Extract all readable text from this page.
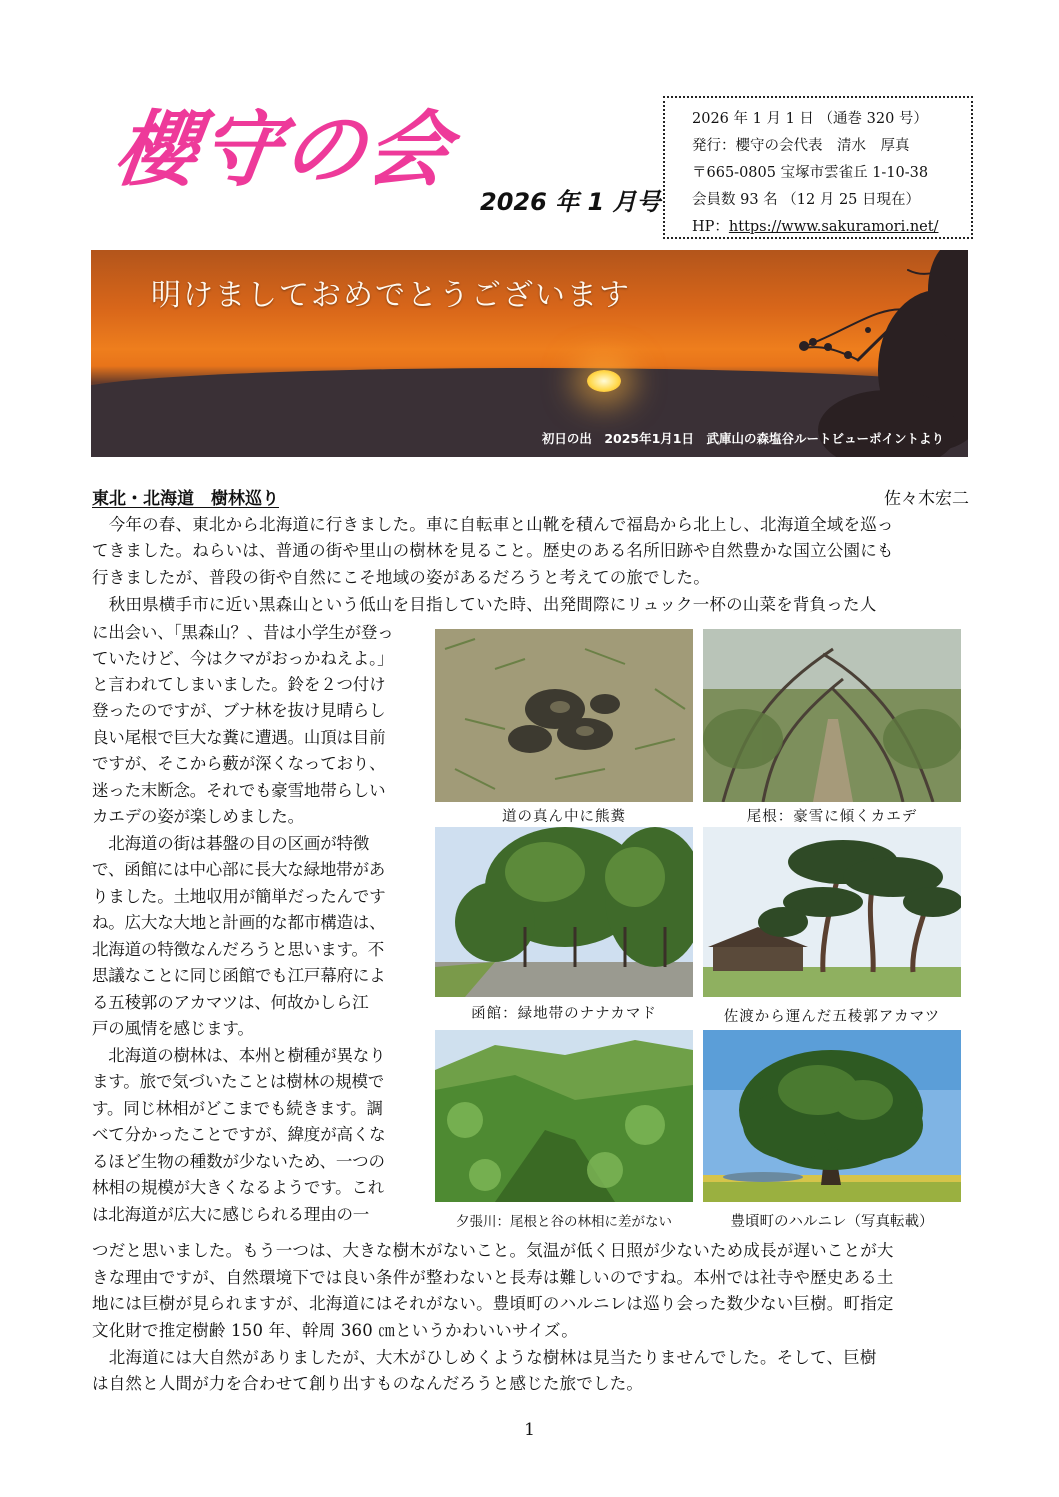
櫻守の会
2026 年 1 月号
2026 年 1 月 1 日 （通巻 320 号）
発行：櫻守の会代表　清水　厚真
〒665-0805 宝塚市雲雀丘 1-10-38
会員数 93 名 （12 月 25 日現在）
HP：https://www.sakuramori.net/
明けましておめでとうございます
初日の出　2025年1月1日　武庫山の森塩谷ルートビューポイントより
東北・北海道　樹林巡り	佐々木宏二
　今年の春、東北から北海道に行きました。車に自転車と山靴を積んで福島から北上し、北海道全域を巡っ
てきました。ねらいは、普通の街や里山の樹林を見ること。歴史のある名所旧跡や自然豊かな国立公園にも
行きましたが、普段の街や自然にこそ地域の姿があるだろうと考えての旅でした。
　秋田県横手市に近い黒森山という低山を目指していた時、出発間際にリュック一杯の山菜を背負った人
に出会い、「黒森山？、昔は小学生が登っ
ていたけど、今はクマがおっかねえよ。」
と言われてしまいました。鈴を２つ付け
登ったのですが、ブナ林を抜け見晴らし
良い尾根で巨大な糞に遭遇。山頂は目前
ですが、そこから藪が深くなっており、
迷った末断念。それでも豪雪地帯らしい
カエデの姿が楽しめました。
　北海道の街は碁盤の目の区画が特徴
で、函館には中心部に長大な緑地帯があ
りました。土地収用が簡単だったんです
ね。広大な大地と計画的な都市構造は、
北海道の特徴なんだろうと思います。不
思議なことに同じ函館でも江戸幕府によ
る五稜郭のアカマツは、何故かしら江
戸の風情を感じます。
　北海道の樹林は、本州と樹種が異なり
ます。旅で気づいたことは樹林の規模で
す。同じ林相がどこまでも続きます。調
べて分かったことですが、緯度が高くな
るほど生物の種数が少ないため、一つの
林相の規模が大きくなるようです。これ
は北海道が広大に感じられる理由の一
道の真ん中に熊糞	尾根：豪雪に傾くカエデ
函館：緑地帯のナナカマド	佐渡から運んだ五稜郭アカマツ
夕張川：尾根と谷の林相に差がない	豊頃町のハルニレ（写真転載）
つだと思いました。もう一つは、大きな樹木がないこと。気温が低く日照が少ないため成長が遅いことが大
きな理由ですが、自然環境下では良い条件が整わないと長寿は難しいのですね。本州では社寺や歴史ある土
地には巨樹が見られますが、北海道にはそれがない。豊頃町のハルニレは巡り会った数少ない巨樹。町指定
文化財で推定樹齢 150 年、幹周 360 ㎝というかわいいサイズ。
　北海道には大自然がありましたが、大木がひしめくような樹林は見当たりませんでした。そして、巨樹
は自然と人間が力を合わせて創り出すものなんだろうと感じた旅でした。
1
